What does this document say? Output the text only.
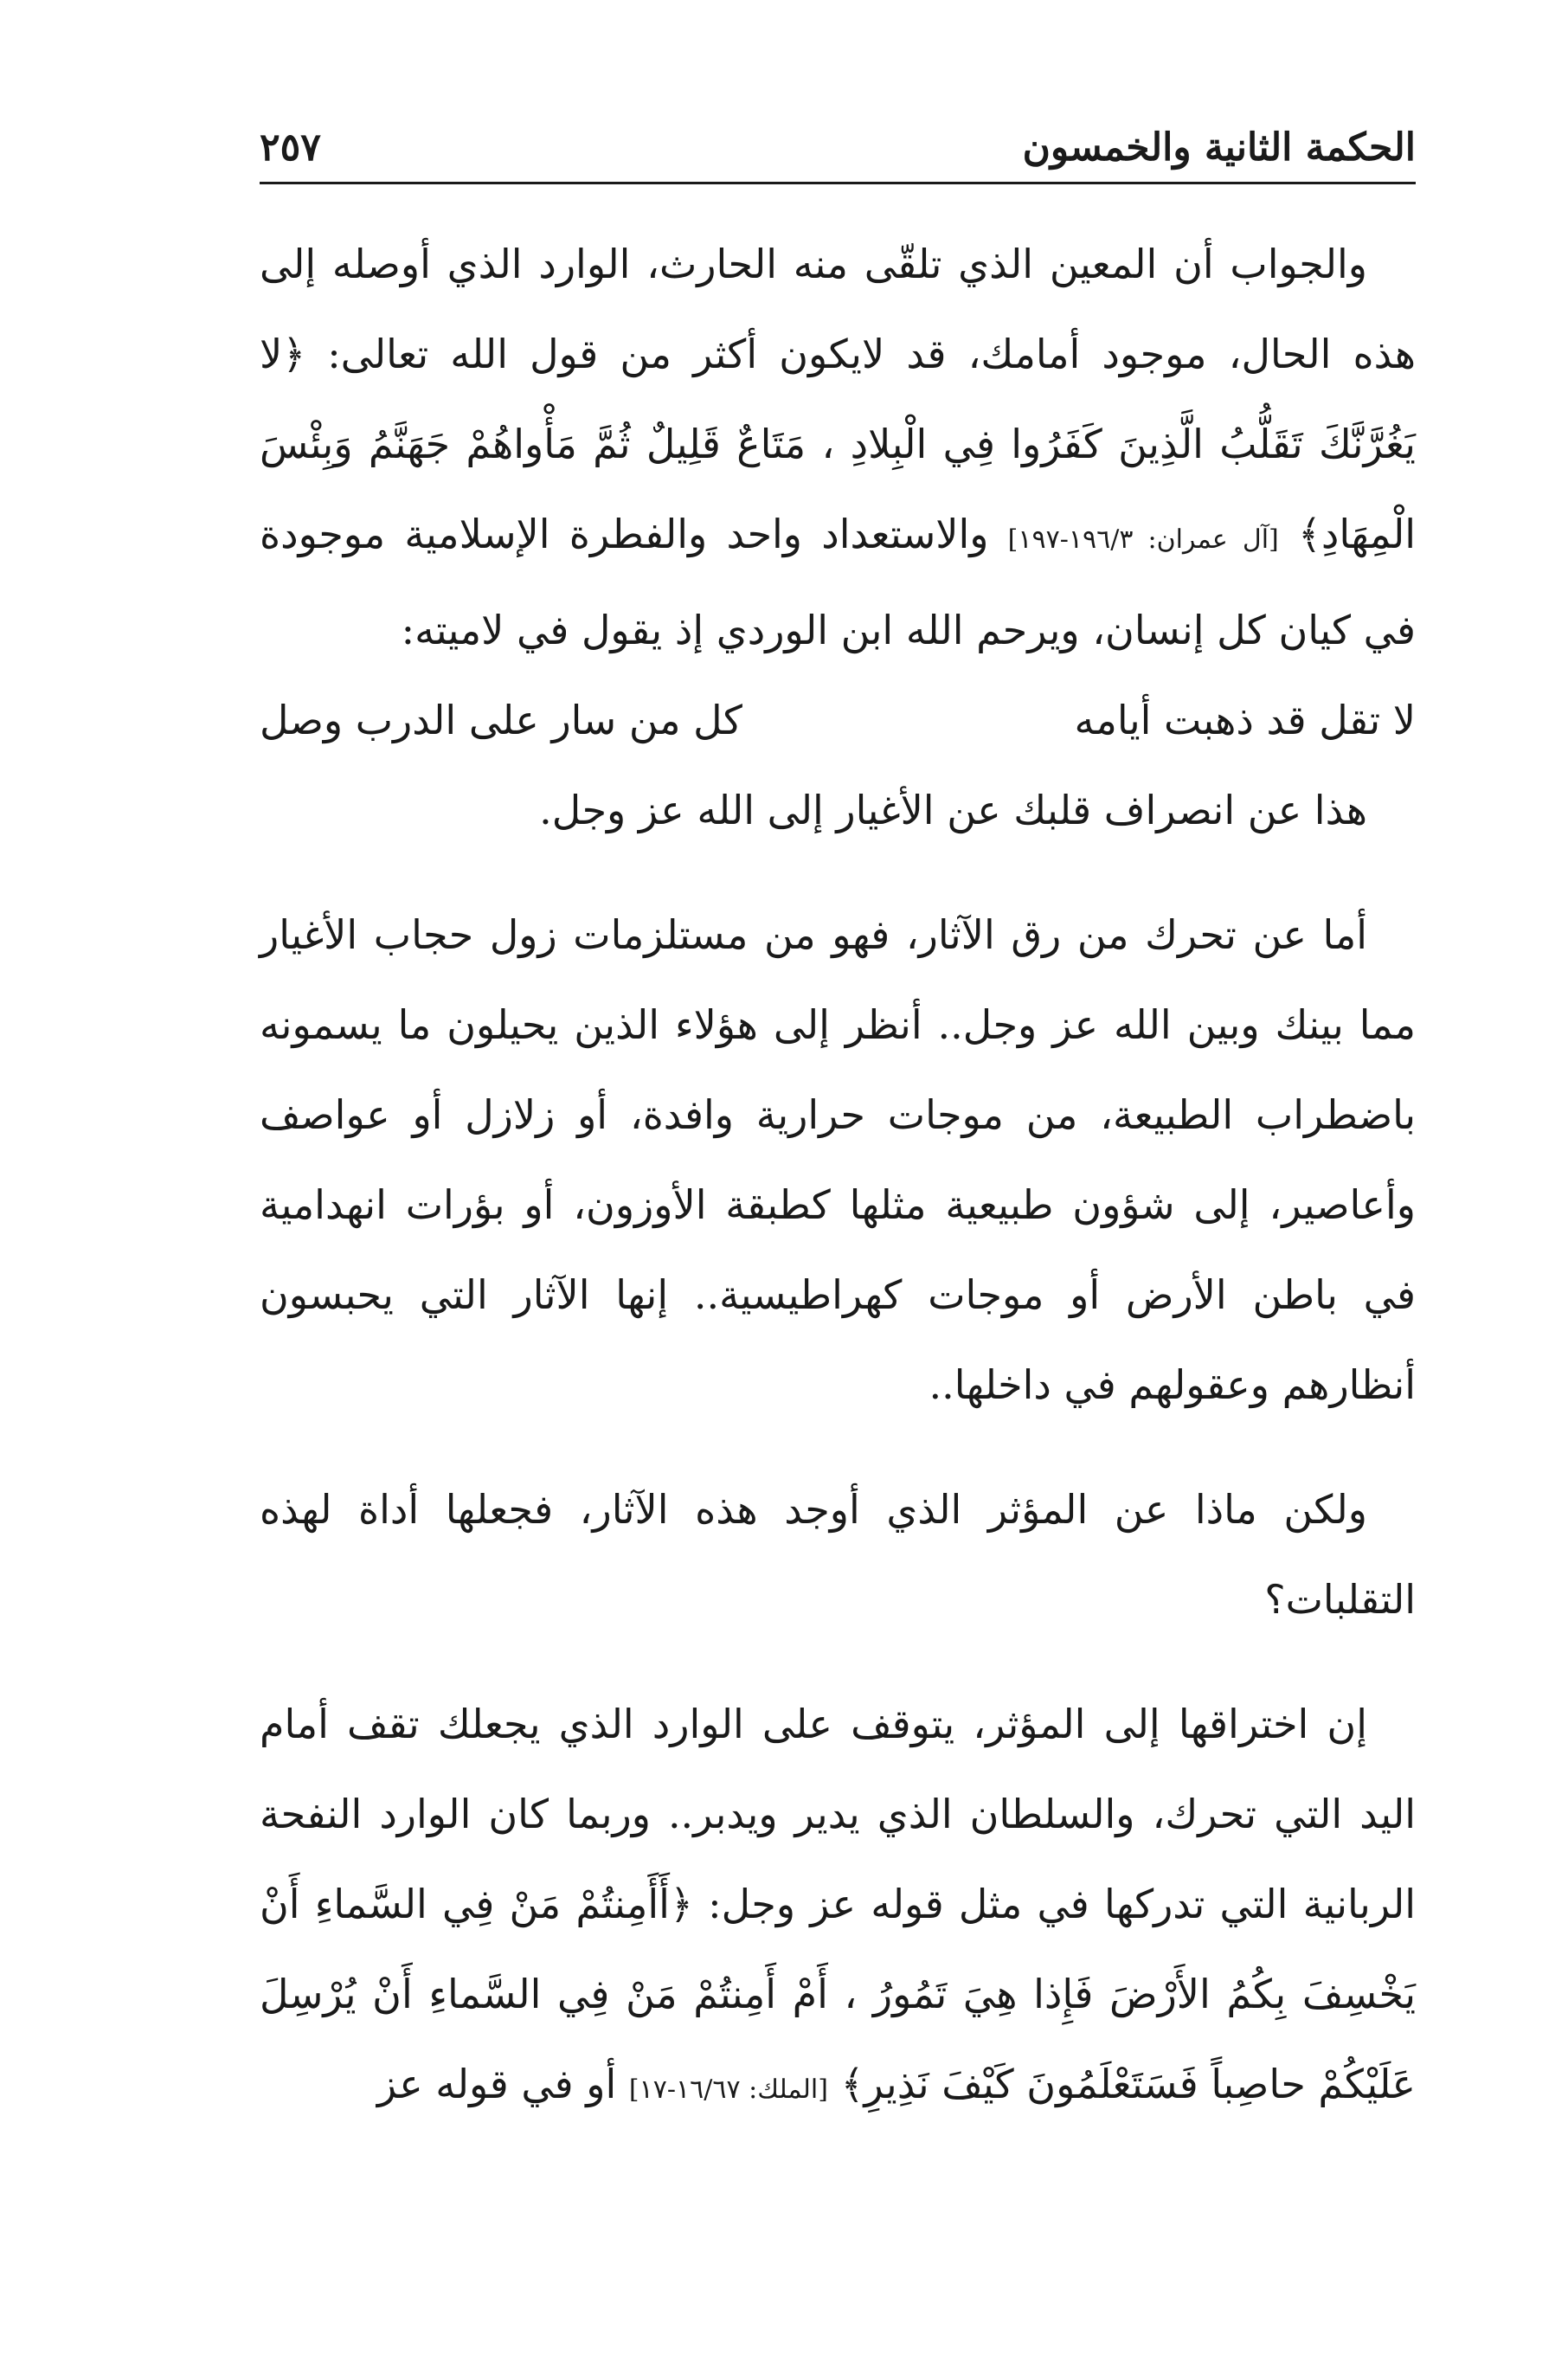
الحكمة الثانية والخمسون
٢٥٧

والجواب أن المعين الذي تلقّى منه الحارث، الوارد الذي أوصله إلى هذه الحال، موجود أمامك، قد لايكون أكثر من قول الله تعالى: ﴿لا يَغُرَّنَّكَ تَقَلُّبُ الَّذِينَ كَفَرُوا فِي الْبِلادِ ، مَتَاعٌ قَلِيلٌ ثُمَّ مَأْواهُمْ جَهَنَّمُ وَبِئْسَ الْمِهَادِ﴾ [آل عمران: ١٩٦/٣-١٩٧] والاستعداد واحد والفطرة الإسلامية موجودة في كيان كل إنسان، ويرحم الله ابن الوردي إذ يقول في لاميته:

لا تقل قد ذهبت أيامه
كل من سار على الدرب وصل

هذا عن انصراف قلبك عن الأغيار إلى الله عز وجل.

أما عن تحرك من رق الآثار، فهو من مستلزمات زول حجاب الأغيار مما بينك وبين الله عز وجل.. أنظر إلى هؤلاء الذين يحيلون ما يسمونه باضطراب الطبيعة، من موجات حرارية وافدة، أو زلازل أو عواصف وأعاصير، إلى شؤون طبيعية مثلها كطبقة الأوزون، أو بؤرات انهدامية في باطن الأرض أو موجات كهراطيسية.. إنها الآثار التي يحبسون أنظارهم وعقولهم في داخلها..

ولكن ماذا عن المؤثر الذي أوجد هذه الآثار، فجعلها أداة لهذه التقلبات؟

إن اختراقها إلى المؤثر، يتوقف على الوارد الذي يجعلك تقف أمام اليد التي تحرك، والسلطان الذي يدير ويدبر.. وربما كان الوارد النفحة الربانية التي تدركها في مثل قوله عز وجل: ﴿أَأَمِنتُمْ مَنْ فِي السَّماءِ أَنْ يَخْسِفَ بِكُمُ الأَرْضَ فَإِذا هِيَ تَمُورُ ، أَمْ أَمِنتُمْ مَنْ فِي السَّماءِ أَنْ يُرْسِلَ عَلَيْكُمْ حاصِباً فَسَتَعْلَمُونَ كَيْفَ نَذِيرِ﴾ [الملك: ١٦/٦٧-١٧] أو في قوله عز
